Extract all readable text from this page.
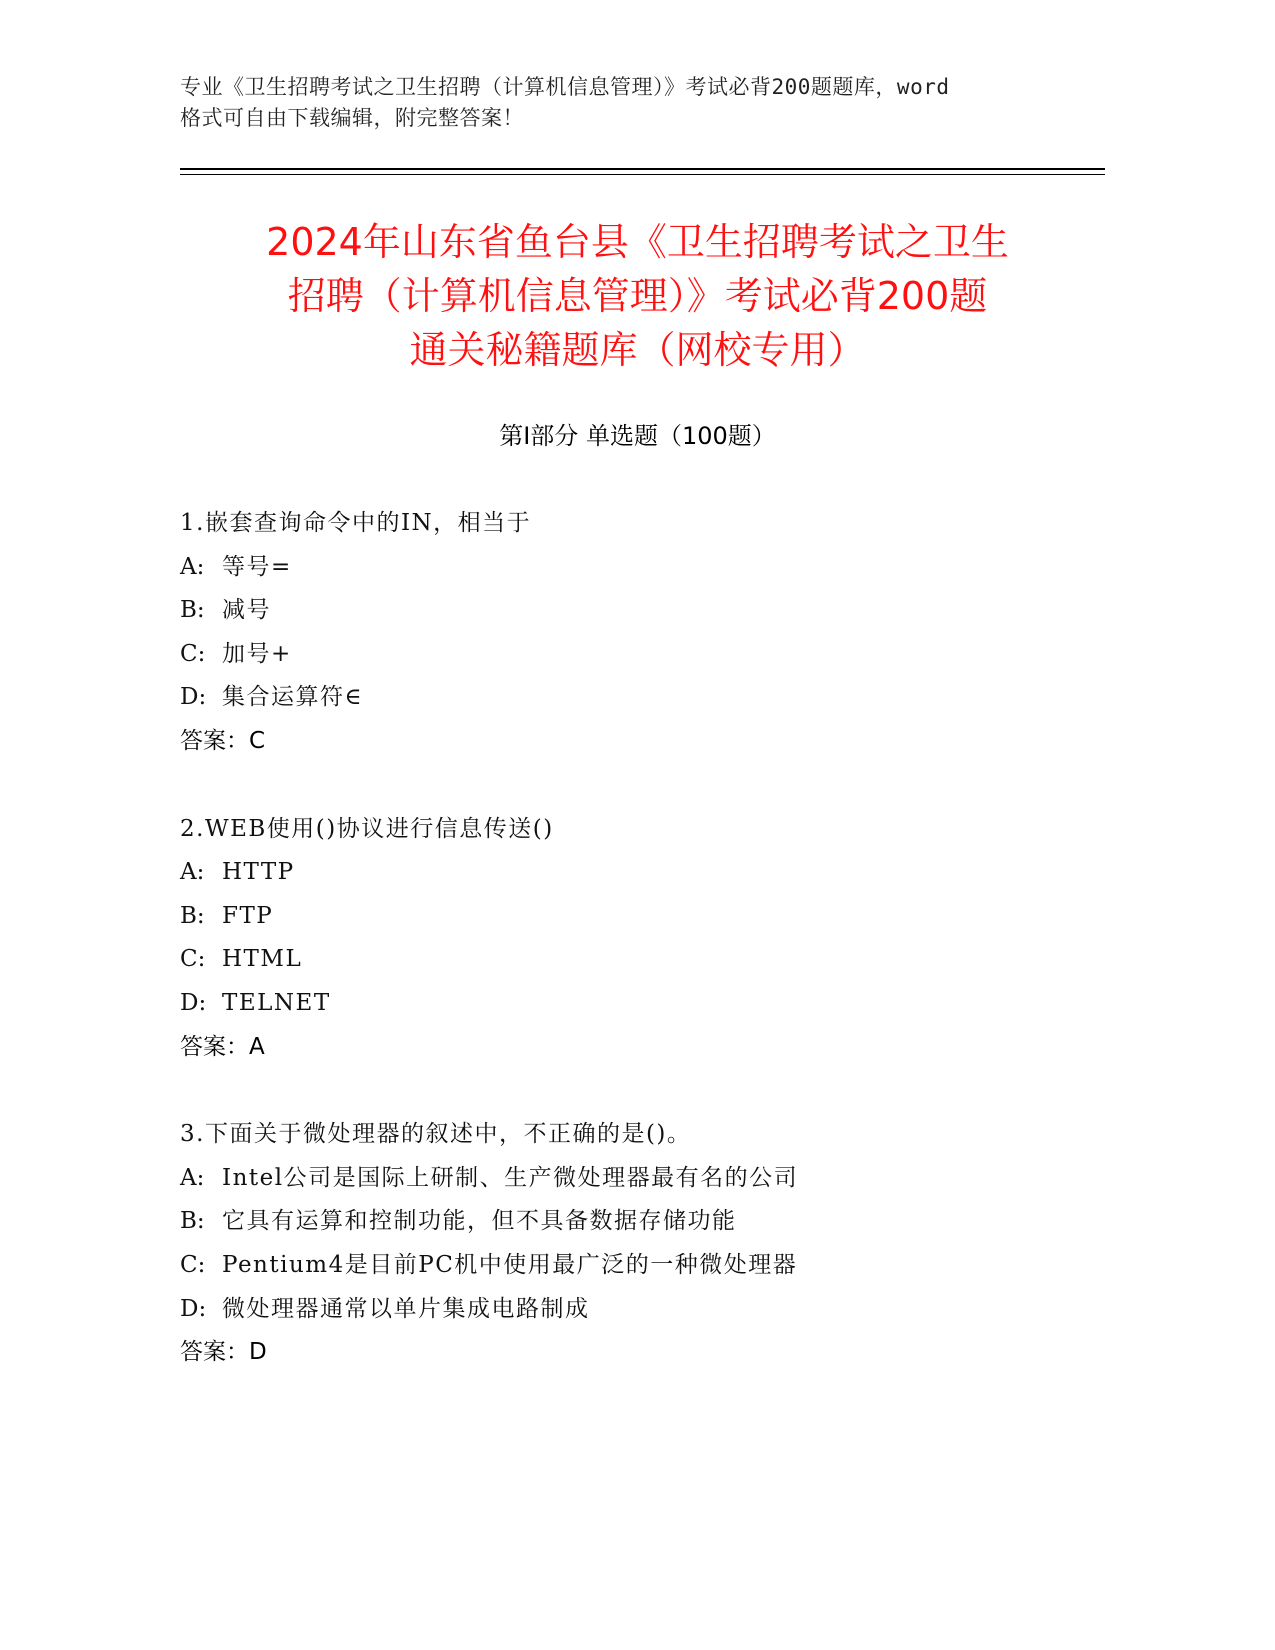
专业《卫生招聘考试之卫生招聘（计算机信息管理）》考试必背200题题库，word
格式可自由下载编辑，附完整答案！
2024年山东省鱼台县《卫生招聘考试之卫生
招聘（计算机信息管理）》考试必背200题
通关秘籍题库（网校专用）
第Ⅰ部分 单选题（100题）
1.嵌套查询命令中的IN，相当于
A: 等号=
B: 减号
C: 加号+
D: 集合运算符∈
答案：C
2.WEB使用()协议进行信息传送()
A: HTTP
B: FTP
C: HTML
D: TELNET
答案：A
3.下面关于微处理器的叙述中，不正确的是()。
A: Intel公司是国际上研制、生产微处理器最有名的公司
B: 它具有运算和控制功能，但不具备数据存储功能
C: Pentium4是目前PC机中使用最广泛的一种微处理器
D: 微处理器通常以单片集成电路制成
答案：D
